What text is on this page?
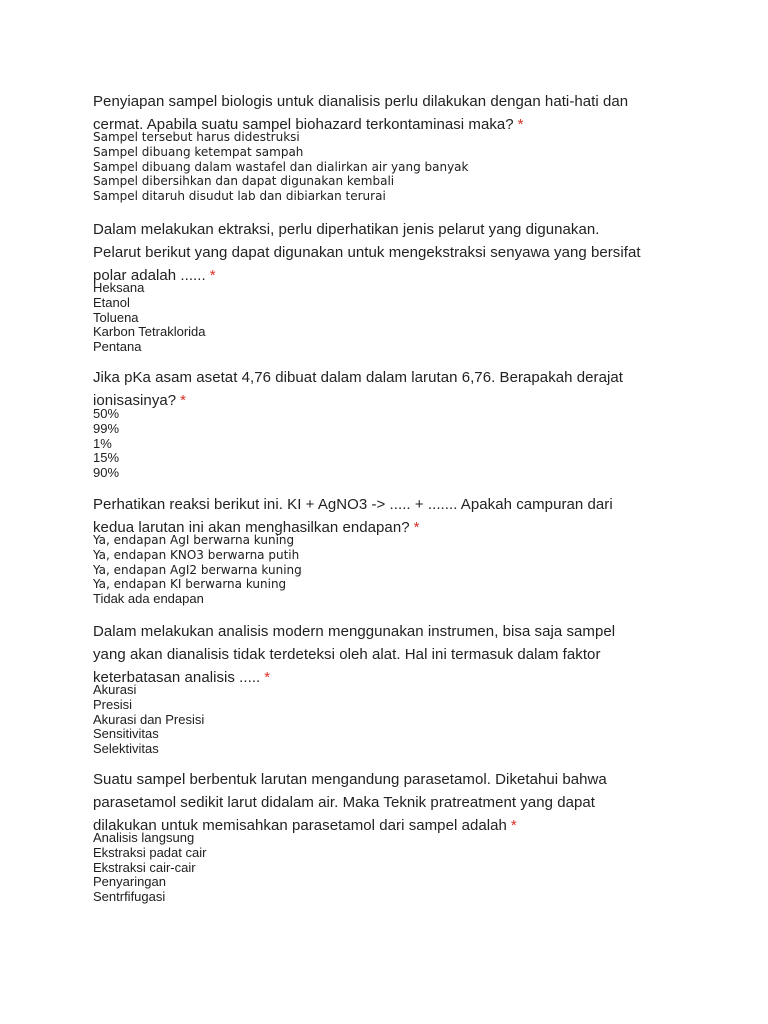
Penyiapan sampel biologis untuk dianalisis perlu dilakukan dengan hati-hati dan
cermat. Apabila suatu sampel biohazard terkontaminasi maka? *
Sampel tersebut harus didestruksi
Sampel dibuang ketempat sampah
Sampel dibuang dalam wastafel dan dialirkan air yang banyak
Sampel dibersihkan dan dapat digunakan kembali
Sampel ditaruh disudut lab dan dibiarkan terurai
Dalam melakukan ektraksi, perlu diperhatikan jenis pelarut yang digunakan.
Pelarut berikut yang dapat digunakan untuk mengekstraksi senyawa yang bersifat
polar adalah ...... *
Heksana
Etanol
Toluena
Karbon Tetraklorida
Pentana
Jika pKa asam asetat 4,76 dibuat dalam dalam larutan 6,76. Berapakah derajat
ionisasinya? *
50%
99%
1%
15%
90%
Perhatikan reaksi berikut ini. KI + AgNO3 -> ..... + ....... Apakah campuran dari
kedua larutan ini akan menghasilkan endapan? *
Ya, endapan AgI berwarna kuning
Ya, endapan KNO3 berwarna putih
Ya, endapan AgI2 berwarna kuning
Ya, endapan KI berwarna kuning
Tidak ada endapan
Dalam melakukan analisis modern menggunakan instrumen, bisa saja sampel
yang akan dianalisis tidak terdeteksi oleh alat. Hal ini termasuk dalam faktor
keterbatasan analisis ..... *
Akurasi
Presisi
Akurasi dan Presisi
Sensitivitas
Selektivitas
Suatu sampel berbentuk larutan mengandung parasetamol. Diketahui bahwa
parasetamol sedikit larut didalam air. Maka Teknik pratreatment yang dapat
dilakukan untuk memisahkan parasetamol dari sampel adalah *
Analisis langsung
Ekstraksi padat cair
Ekstraksi cair-cair
Penyaringan
Sentrfifugasi
